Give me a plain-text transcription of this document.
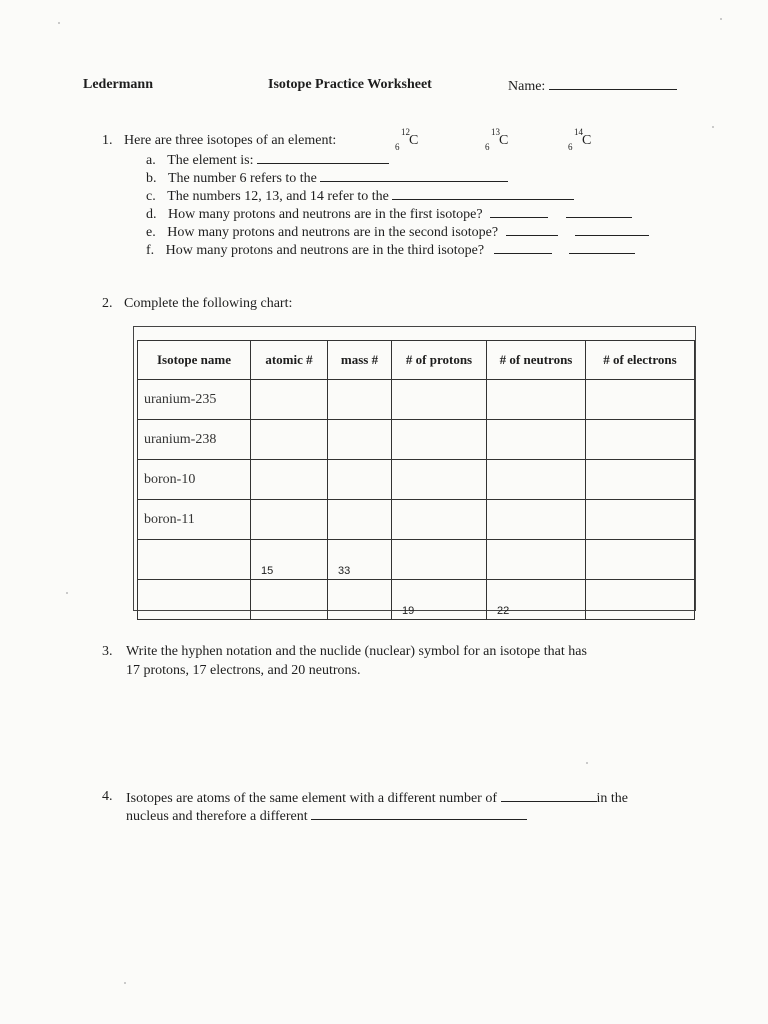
Ledermann	Isotope Practice Worksheet	Name:
1. Here are three isotopes of an element:
12
6 C
13
6 C
14
6 C
a. The element is:
b. The number 6 refers to the
c. The numbers 12, 13, and 14 refer to the
d. How many protons and neutrons are in the first isotope?
e. How many protons and neutrons are in the second isotope?
f. How many protons and neutrons are in the third isotope?
2. Complete the following chart:
Isotope name	atomic #	mass #	# of protons	# of neutrons	# of electrons
uranium-235					
uranium-238					
boron-10					
boron-11					

	15	33			

			19	22	

3. Write the hyphen notation and the nuclide (nuclear) symbol for an isotope that has
17 protons, 17 electrons, and 20 neutrons.
4. Isotopes are atoms of the same element with a different number of	in the
nucleus and therefore a different
